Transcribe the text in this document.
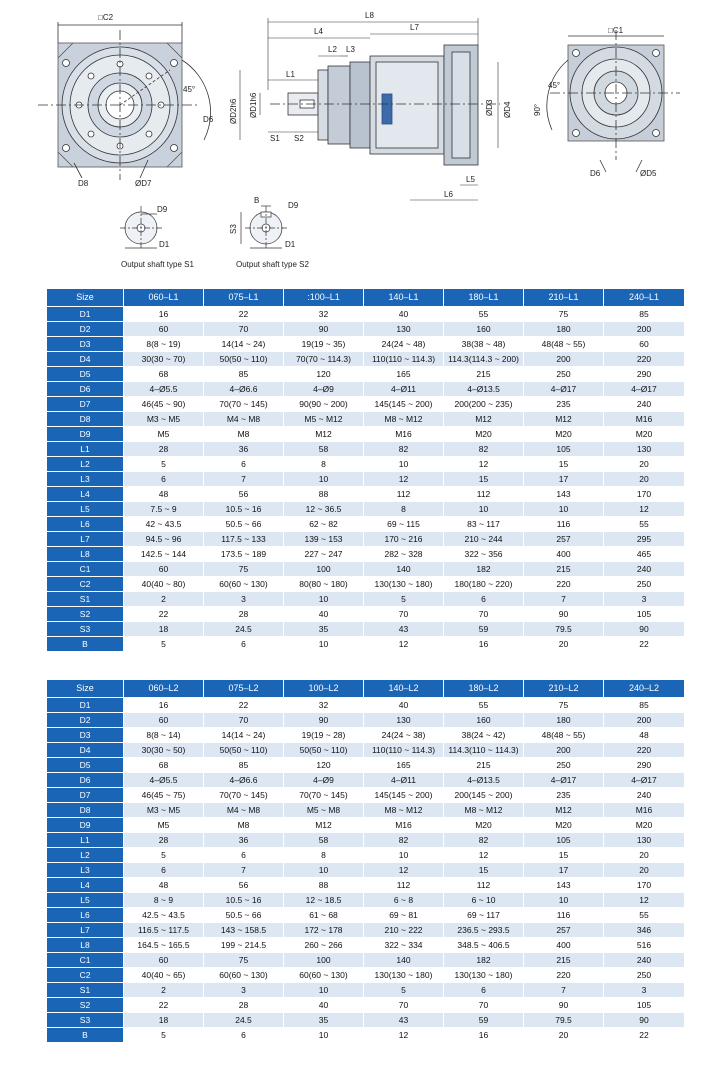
□C2
45°
D6
D8	ØD7
L8
L4	L7
L2 L3
L1
S1 S2
L5
L6
ØD2h6 ØD1h6	ØD3 ØD4
□C1
45°
90°
D6	ØD5
D9
D1
Output shaft type S1
B
D9
S3
D1
Output shaft type S2
Size	060–L1	075–L1	:100–L1	140–L1	180–L1	210–L1	240–L1
D1	16	22	32	40	55	75	85
D2	60	70	90	130	160	180	200
D3	8(8 ~ 19)	14(14 ~ 24)	19(19 ~ 35)	24(24 ~ 48)	38(38 ~ 48)	48(48 ~ 55)	60
D4	30(30 ~ 70)	50(50 ~ 110)	70(70 ~ 114.3)	110(110 ~ 114.3)	114.3(114.3 ~ 200)	200	220
D5	68	85	120	165	215	250	290
D6	4–Ø5.5	4–Ø6.6	4–Ø9	4–Ø11	4–Ø13.5	4–Ø17	4–Ø17
D7	46(45 ~ 90)	70(70 ~ 145)	90(90 ~ 200)	145(145 ~ 200)	200(200 ~ 235)	235	240
D8	M3 ~ M5	M4 ~ M8	M5 ~ M12	M8 ~ M12	M12	M12	M16
D9	M5	M8	M12	M16	M20	M20	M20
L1	28	36	58	82	82	105	130
L2	5	6	8	10	12	15	20
L3	6	7	10	12	15	17	20
L4	48	56	88	112	112	143	170
L5	7.5 ~ 9	10.5 ~ 16	12 ~ 36.5	8	10	10	12
L6	42 ~ 43.5	50.5 ~ 66	62 ~ 82	69 ~ 115	83 ~ 117	116	55
L7	94.5 ~ 96	117.5 ~ 133	139 ~ 153	170 ~ 216	210 ~ 244	257	295
L8	142.5 ~ 144	173.5 ~ 189	227 ~ 247	282 ~ 328	322 ~ 356	400	465
C1	60	75	100	140	182	215	240
C2	40(40 ~ 80)	60(60 ~ 130)	80(80 ~ 180)	130(130 ~ 180)	180(180 ~ 220)	220	250
S1	2	3	10	5	6	7	3
S2	22	28	40	70	70	90	105
S3	18	24.5	35	43	59	79.5	90
B	5	6	10	12	16	20	22
Size	060–L2	075–L2	100–L2	140–L2	180–L2	210–L2	240–L2
D1	16	22	32	40	55	75	85
D2	60	70	90	130	160	180	200
D3	8(8 ~ 14)	14(14 ~ 24)	19(19 ~ 28)	24(24 ~ 38)	38(24 ~ 42)	48(48 ~ 55)	48
D4	30(30 ~ 50)	50(50 ~ 110)	50(50 ~ 110)	110(110 ~ 114.3)	114.3(110 ~ 114.3)	200	220
D5	68	85	120	165	215	250	290
D6	4–Ø5.5	4–Ø6.6	4–Ø9	4–Ø11	4–Ø13.5	4–Ø17	4–Ø17
D7	46(45 ~ 75)	70(70 ~ 145)	70(70 ~ 145)	145(145 ~ 200)	200(145 ~ 200)	235	240
D8	M3 ~ M5	M4 ~ M8	M5 ~ M8	M8 ~ M12	M8 ~ M12	M12	M16
D9	M5	M8	M12	M16	M20	M20	M20
L1	28	36	58	82	82	105	130
L2	5	6	8	10	12	15	20
L3	6	7	10	12	15	17	20
L4	48	56	88	112	112	143	170
L5	8 ~ 9	10.5 ~ 16	12 ~ 18.5	6 ~ 8	6 ~ 10	10	12
L6	42.5 ~ 43.5	50.5 ~ 66	61 ~ 68	69 ~ 81	69 ~ 117	116	55
L7	116.5 ~ 117.5	143 ~ 158.5	172 ~ 178	210 ~ 222	236.5 ~ 293.5	257	346
L8	164.5 ~ 165.5	199 ~ 214.5	260 ~ 266	322 ~ 334	348.5 ~ 406.5	400	516
C1	60	75	100	140	182	215	240
C2	40(40 ~ 65)	60(60 ~ 130)	60(60 ~ 130)	130(130 ~ 180)	130(130 ~ 180)	220	250
S1	2	3	10	5	6	7	3
S2	22	28	40	70	70	90	105
S3	18	24.5	35	43	59	79.5	90
B	5	6	10	12	16	20	22
